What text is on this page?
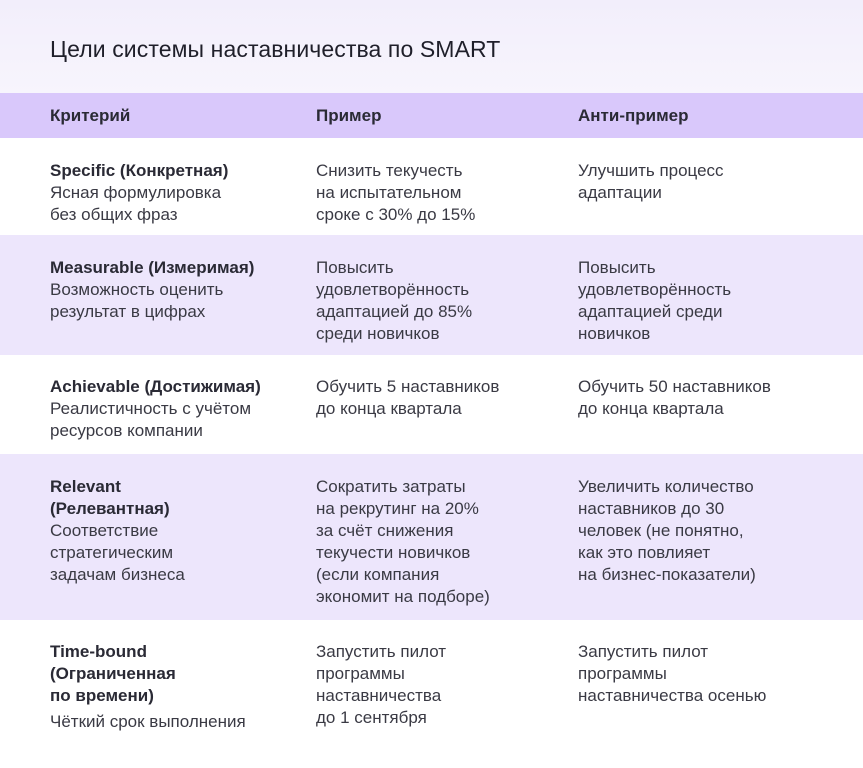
Цели системы наставничества по SMART
Критерий	Пример	Анти-пример
Specific (Конкретная)
Ясная формулировка
без общих фраз
Снизить текучесть
на испытательном
сроке с 30% до 15%
Улучшить процесс
адаптации
Measurable (Измеримая)
Возможность оценить
результат в цифрах
Повысить
удовлетворённость
адаптацией до 85%
среди новичков
Повысить
удовлетворённость
адаптацией среди
новичков
Achievable (Достижимая)
Реалистичность с учётом
ресурсов компании
Обучить 5 наставников
до конца квартала
Обучить 50 наставников
до конца квартала
Relevant
(Релевантная)
Соответствие
стратегическим
задачам бизнеса
Сократить затраты
на рекрутинг на 20%
за счёт снижения
текучести новичков
(если компания
экономит на подборе)
Увеличить количество
наставников до 30
человек (не понятно,
как это повлияет
на бизнес-показатели)
Time-bound
(Ограниченная
по времени)
Чёткий срок выполнения
Запустить пилот
программы
наставничества
до 1 сентября
Запустить пилот
программы
наставничества осенью
